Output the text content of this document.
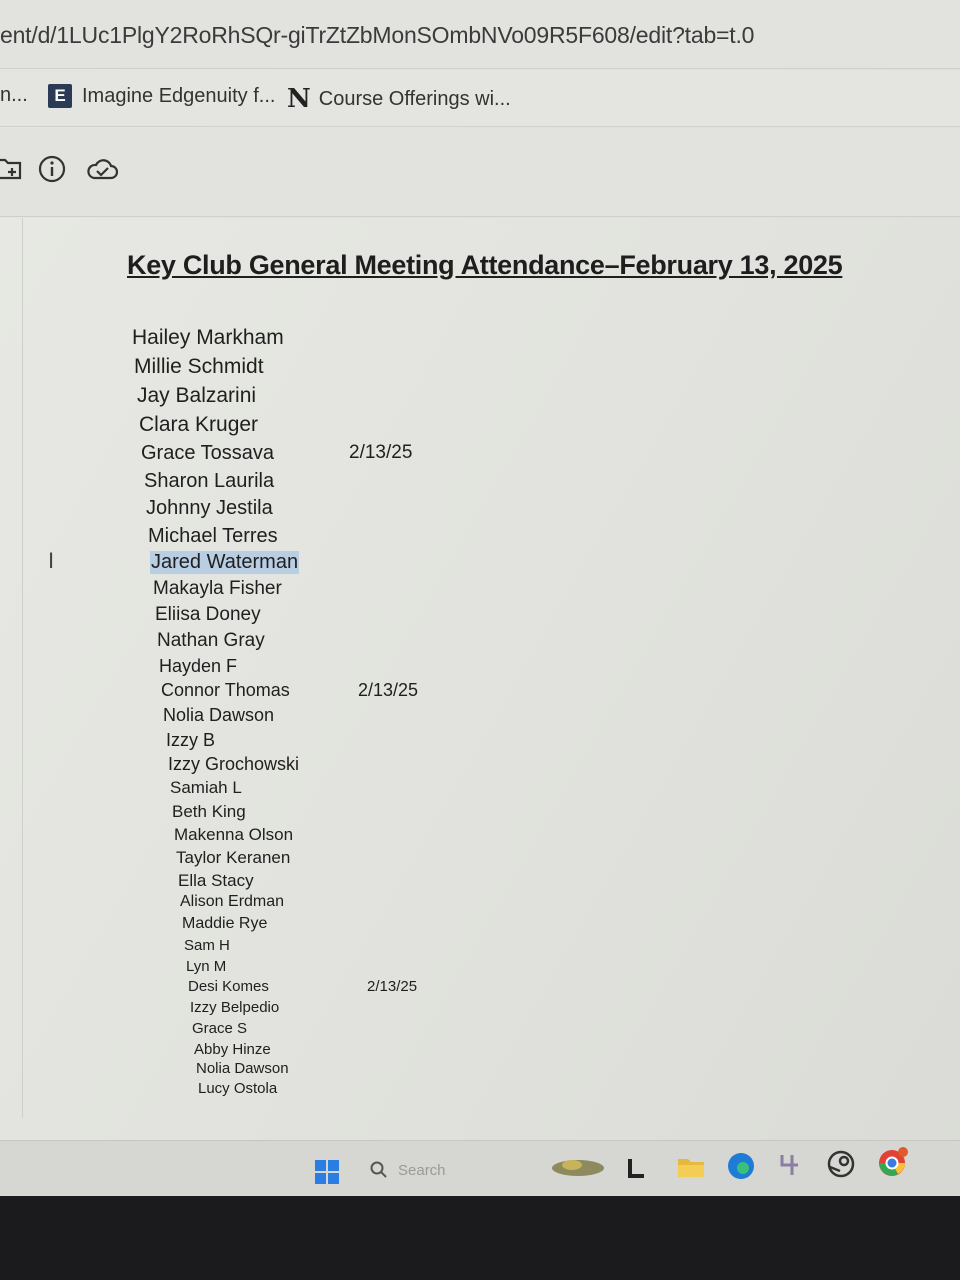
ent/d/1LUc1PlgY2RoRhSQr-giTrZtZbMonSOmbNVo09R5F608/edit?tab=t.0
n...	E Imagine Edgenuity f... N Course Offerings wi...
Key Club General Meeting Attendance–February 13, 2025
I
Hailey Markham
Millie Schmidt
Jay Balzarini
Clara Kruger
Grace Tossava	2/13/25
Sharon Laurila
Johnny Jestila
Michael Terres
Jared Waterman
Makayla Fisher
Eliisa Doney
Nathan Gray
Hayden F
Connor Thomas	2/13/25
Nolia Dawson
Izzy B
Izzy Grochowski
Samiah L
Beth King
Makenna Olson
Taylor Keranen
Ella Stacy
Alison Erdman
Maddie Rye
Sam H
Lyn M
Desi Komes	2/13/25
Izzy Belpedio
Grace S
Abby Hinze
Nolia Dawson
Lucy Ostola
Search
